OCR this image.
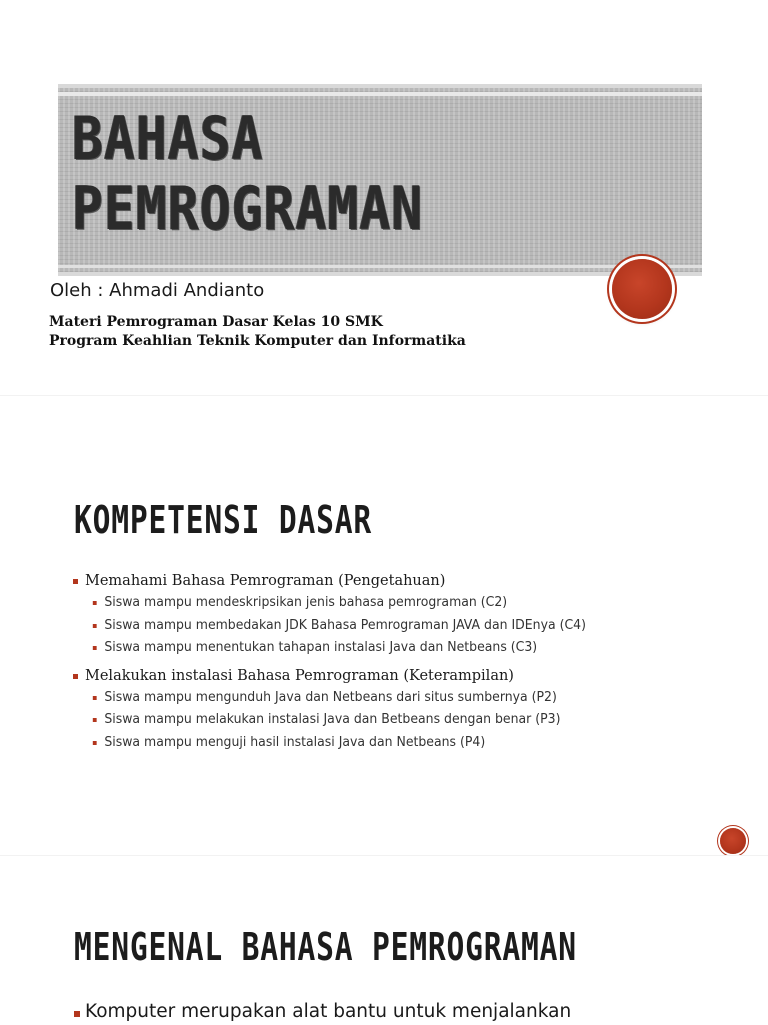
BAHASA
PEMROGRAMAN
Oleh : Ahmadi Andianto
Materi Pemrograman Dasar Kelas 10 SMK
Program Keahlian Teknik Komputer dan Informatika
KOMPETENSI DASAR
Memahami Bahasa Pemrograman (Pengetahuan)
Siswa mampu mendeskripsikan jenis bahasa pemrograman (C2)
Siswa mampu membedakan JDK Bahasa Pemrograman JAVA dan IDEnya (C4)
Siswa mampu menentukan tahapan instalasi Java dan Netbeans (C3)
Melakukan instalasi Bahasa Pemrograman (Keterampilan)
Siswa mampu mengunduh Java dan Netbeans dari situs sumbernya (P2)
Siswa mampu melakukan instalasi Java dan Betbeans dengan benar (P3)
Siswa mampu menguji hasil instalasi Java dan Netbeans (P4)
MENGENAL BAHASA PEMROGRAMAN
Komputer merupakan alat bantu untuk menjalankan
